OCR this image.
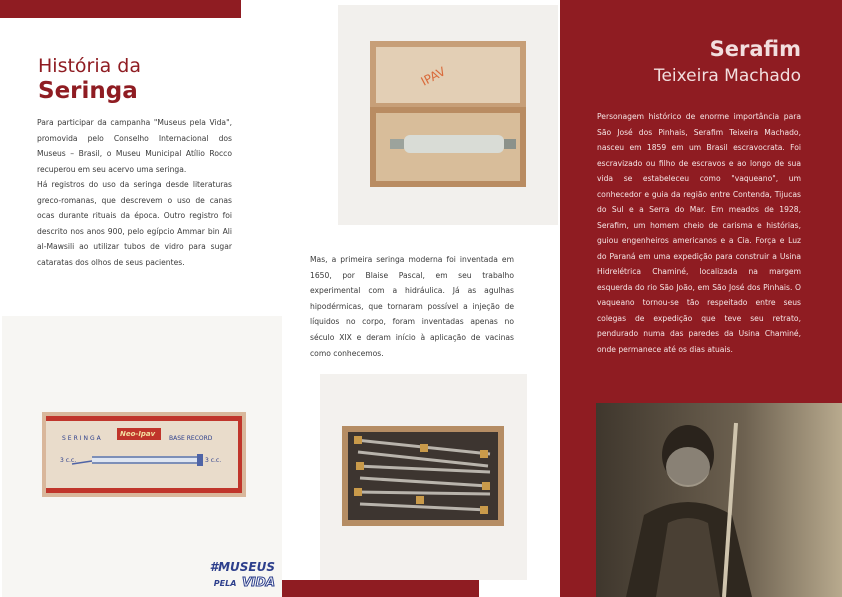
História da
Seringa
Para participar da campanha "Museus pela Vida", promovida pelo Conselho Internacional dos Museus – Brasil, o Museu Municipal Atílio Rocco recuperou em seu acervo uma seringa.
Há registros do uso da seringa desde literaturas greco-romanas, que descrevem o uso de canas ocas durante rituais da época. Outro registro foi descrito nos anos 900, pelo egípcio Ammar bin Ali al-Mawsili ao utilizar tubos de vidro para sugar cataratas dos olhos de seus pacientes.
SERINGA
Neo-Ipav
BASE RECORD
3 c.c.	3 c.c.
#MUSEUS
PELA VIDA
IPAV
Mas, a primeira seringa moderna foi inventada em 1650, por Blaise Pascal, em seu trabalho experimental com a hidráulica. Já as agulhas hipodérmicas, que tornaram possível a injeção de líquidos no corpo, foram inventadas apenas no século XIX e deram início à aplicação de vacinas como conhecemos.
Serafim
Teixeira Machado
Personagem histórico de enorme importância para São José dos Pinhais, Serafim Teixeira Machado, nasceu em 1859 em um Brasil escravocrata. Foi escravizado ou filho de escravos e ao longo de sua vida se estabeleceu como "vaqueano", um conhecedor e guia da região entre Contenda, Tijucas do Sul e a Serra do Mar. Em meados de 1928, Serafim, um homem cheio de carisma e histórias, guiou engenheiros americanos e a Cia. Força e Luz do Paraná em uma expedição para construir a Usina Hidrelétrica Chaminé, localizada na margem esquerda do rio São João, em São José dos Pinhais. O vaqueano tornou-se tão respeitado entre seus colegas de expedição que teve seu retrato, pendurado numa das paredes da Usina Chaminé, onde permanece até os dias atuais.
